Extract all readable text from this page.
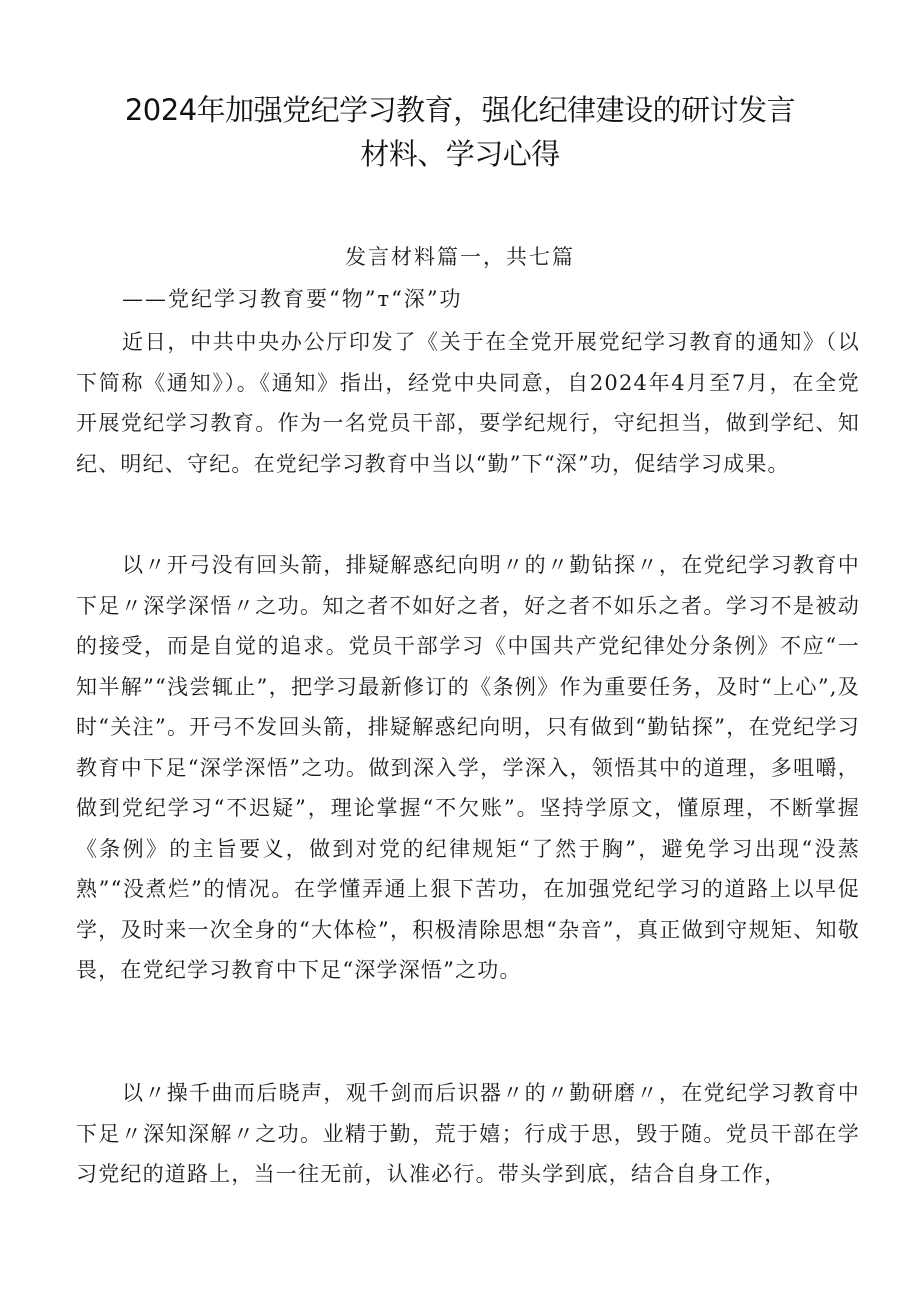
2024年加强党纪学习教育，强化纪律建设的研讨发言
材料、学习心得
发言材料篇一，共七篇
——党纪学习教育要“物”т“深”功

近日，中共中央办公厅印发了《关于在全党开展党纪学习教育的通知》（以下简称《通知》）。《通知》指出，经党中央同意，自2024年4月至7月，在全党开展党纪学习教育。作为一名党员干部，要学纪规行，守纪担当，做到学纪、知纪、明纪、守纪。在党纪学习教育中当以“勤”下“深”功，促结学习成果。

以〃开弓没有回头箭，排疑解惑纪向明〃的〃勤钻探〃，在党纪学习教育中下足〃深学深悟〃之功。知之者不如好之者，好之者不如乐之者。学习不是被动的接受，而是自觉的追求。党员干部学习《中国共产党纪律处分条例》不应“一知半解”“浅尝辄止”，把学习最新修订的《条例》作为重要任务，及时“上心”,及时“关注”。开弓不发回头箭，排疑解惑纪向明，只有做到“勤钻探”，在党纪学习教育中下足“深学深悟”之功。做到深入学，学深入，领悟其中的道理，多咀嚼，做到党纪学习“不迟疑”，理论掌握“不欠账”。坚持学原文，懂原理，不断掌握《条例》的主旨要义，做到对党的纪律规矩“了然于胸”，避免学习出现“没蒸熟”“没煮烂”的情况。在学懂弄通上狠下苦功，在加强党纪学习的道路上以早促学，及时来一次全身的“大体检”，积极清除思想“杂音”，真正做到守规矩、知敬畏，在党纪学习教育中下足“深学深悟”之功。

以〃操千曲而后晓声，观千剑而后识器〃的〃勤研磨〃，在党纪学习教育中下足〃深知深解〃之功。业精于勤，荒于嬉；行成于思，毁于随。党员干部在学习党纪的道路上，当一往无前，认准必行。带头学到底，结合自身工作，
